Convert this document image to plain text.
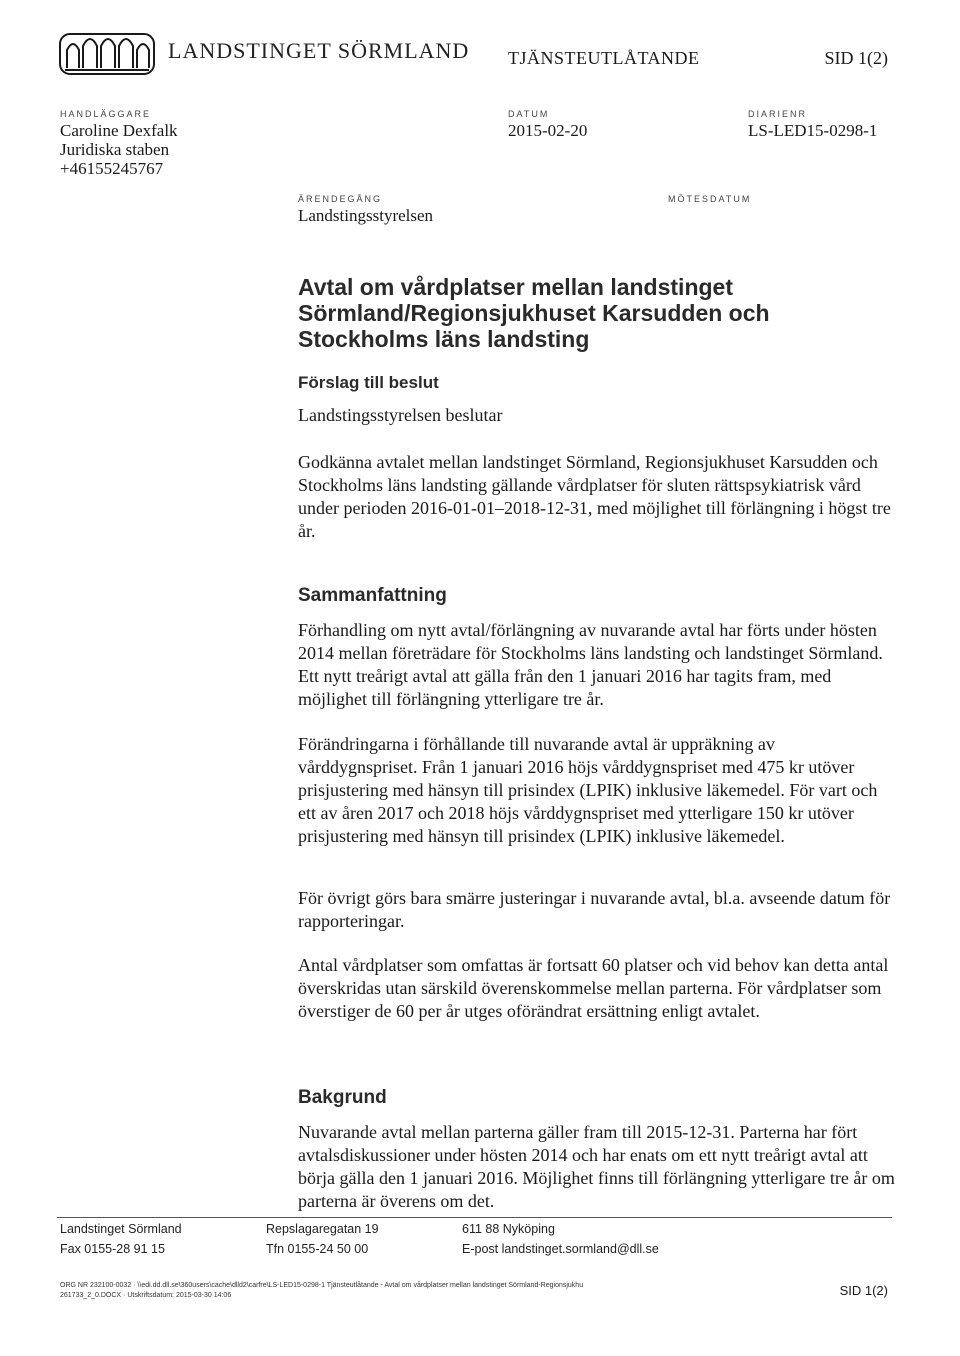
LANDSTINGET SÖRMLAND TJÄNSTEUTLÅTANDE	SID 1(2)
HANDLÄGGARE
Caroline Dexfalk
Juridiska staben
+46155245767
DATUM
2015-02-20
DIARIENR
LS-LED15-0298-1
ÄRENDEGÅNG
Landstingsstyrelsen
MÖTESDATUM
Avtal om vårdplatser mellan landstinget
Sörmland/Regionsjukhuset Karsudden och
Stockholms läns landsting
Förslag till beslut
Landstingsstyrelsen beslutar
Godkänna avtalet mellan landstinget Sörmland, Regionsjukhuset Karsudden och Stockholms läns landsting gällande vårdplatser för sluten rättspsykiatrisk vård under perioden 2016-01-01–2018-12-31, med möjlighet till förlängning i högst tre år.
Sammanfattning
Förhandling om nytt avtal/förlängning av nuvarande avtal har förts under hösten 2014 mellan företrädare för Stockholms läns landsting och landstinget Sörmland. Ett nytt treårigt avtal att gälla från den 1 januari 2016 har tagits fram, med möjlighet till förlängning ytterligare tre år.
Förändringarna i förhållande till nuvarande avtal är uppräkning av vårddygnspriset. Från 1 januari 2016 höjs vårddygnspriset med 475 kr utöver prisjustering med hänsyn till prisindex (LPIK) inklusive läkemedel. För vart och ett av åren 2017 och 2018 höjs vårddygnspriset med ytterligare 150 kr utöver prisjustering med hänsyn till prisindex (LPIK) inklusive läkemedel.
För övrigt görs bara smärre justeringar i nuvarande avtal, bl.a. avseende datum för rapporteringar.
Antal vårdplatser som omfattas är fortsatt 60 platser och vid behov kan detta antal överskridas utan särskild överenskommelse mellan parterna. För vårdplatser som överstiger de 60 per år utges oförändrat ersättning enligt avtalet.
Bakgrund
Nuvarande avtal mellan parterna gäller fram till 2015-12-31. Parterna har fört avtalsdiskussioner under hösten 2014 och har enats om ett nytt treårigt avtal att börja gälla den 1 januari 2016. Möjlighet finns till förlängning ytterligare tre år om parterna är överens om det.
Landstinget Sörmland
Fax 0155-28 91 15
Repslagaregatan 19
Tfn 0155-24 50 00
611 88 Nyköping
E-post landstinget.sormland@dll.se
ORG NR 232100-0032 · \\edi.dd.dll.se\360users\cache\dlld2\carfre\LS-LED15-0298-1 Tjänsteutlåtande - Avtal om vårdplatser mellan landstinget Sörmland-Regionsjukhu
261733_2_0.DOCX · Utskriftsdatum: 2015-03-30 14:06	SID 1(2)
